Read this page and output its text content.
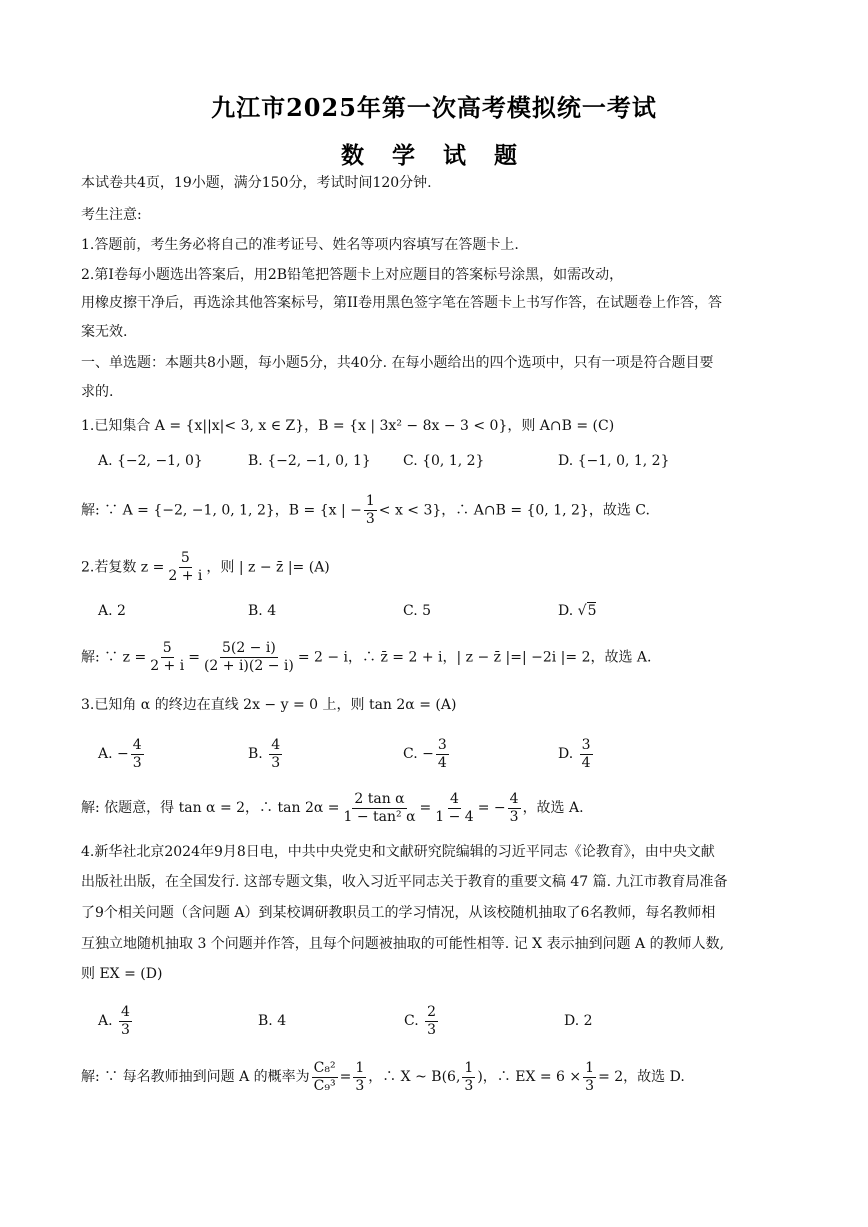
九江市2025年第一次高考模拟统一考试
数 学 试 题
本试卷共4页，19小题，满分150分，考试时间120分钟.
考生注意:
1.答题前，考生务必将自己的准考证号、姓名等项内容填写在答题卡上.
2.第Ⅰ卷每小题选出答案后，用2B铅笔把答题卡上对应题目的答案标号涂黑，如需改动，
用橡皮擦干净后，再选涂其他答案标号，第II卷用黑色签字笔在答题卡上书写作答，在试题卷上作答，答
案无效.
一、单选题：本题共8小题，每小题5分，共40分. 在每小题给出的四个选项中，只有一项是符合题目要
求的.
1.已知集合 A = {x||x|< 3, x ∈ Z}，B = {x | 3x² − 8x − 3 < 0}，则 A∩B = (C)
A. {−2, −1, 0}	B. {−2, −1, 0, 1} C. {0, 1, 2}	D. {−1, 0, 1, 2}
解: ∵ A = {−2, −1, 0, 1, 2}，B = {x | − $\frac{1}{3} < x < 3$}，∴ A∩B = {0, 1, 2}，故选 C.
2.若复数 $z = \frac{5}{2 + i}$ ，则 | z − z̄ |= (A)
A. 2	B. 4	C. 5	D. √5
解: ∵ $z = \frac{5}{2 + i} = \frac{5(2 - i)}{(2 + i)(2 - i)} = 2 - i$，∴ z̄ = 2 + i，| z − z̄ |=| −2i |= 2，故选 A.
3.已知角 α 的终边在直线 2x − y = 0 上，则 tan 2α = (A)
A. − $\frac{4}{3}$	B. $\frac{4}{3}$	C. − $\frac{3}{4}$	D. $\frac{3}{4}$
解: 依题意，得 tan α = 2，∴ $\tan 2\alpha = \frac{\text{2 tan α}}{\text{1 − tan² α}} = \frac{4}{1 - 4}$ = − $\frac{4}{3}$ ，故选 A.
4.新华社北京2024年9月8日电，中共中央党史和文献研究院编辑的习近平同志《论教育》，由中央文献
出版社出版，在全国发行. 这部专题文集，收入习近平同志关于教育的重要文稿 47 篇. 九江市教育局准备
了9个相关问题（含问题 A）到某校调研教职员工的学习情况，从该校随机抽取了6名教师，每名教师相
互独立地随机抽取 3 个问题并作答，且每个问题被抽取的可能性相等. 记 X 表示抽到问题 A 的教师人数,
则 EX = (D)
A. $\frac{4}{3}$	B. 4	C. $\frac{2}{3}$	D. 2
解: ∵ 每名教师抽到问题 A 的概率为 $\frac{\text{C₈²}}{\text{C₉³}} = \frac{1}{3}$ ，∴ X ~ B(6, $\frac{1}{3}$ )，∴ EX = $6 \times \frac{1}{3} = 2$，故选 D.
